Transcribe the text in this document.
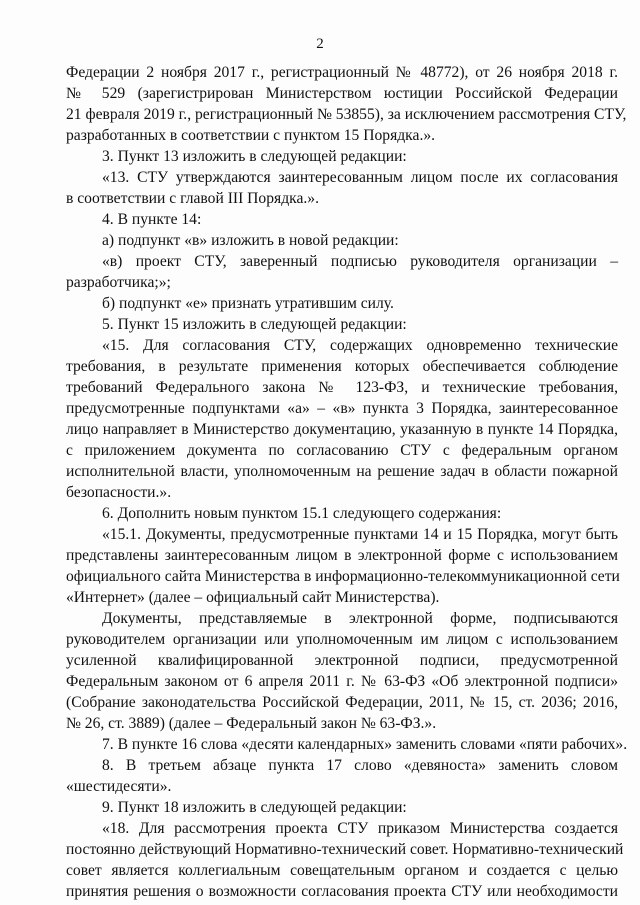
2
Федерации 2 ноября 2017 г., регистрационный № 48772), от 26 ноября 2018 г.
№ 529 (зарегистрирован Министерством юстиции Российской Федерации
21 февраля 2019 г., регистрационный № 53855), за исключением рассмотрения СТУ,
разработанных в соответствии с пунктом 15 Порядка.».
3. Пункт 13 изложить в следующей редакции:
«13. СТУ утверждаются заинтересованным лицом после их согласования
в соответствии с главой III Порядка.».
4. В пункте 14:
а) подпункт «в» изложить в новой редакции:
«в) проект СТУ, заверенный подписью руководителя организации –
разработчика;»;
б) подпункт «е» признать утратившим силу.
5. Пункт 15 изложить в следующей редакции:
«15. Для согласования СТУ, содержащих одновременно технические
требования, в результате применения которых обеспечивается соблюдение
требований Федерального закона № 123-ФЗ, и технические требования,
предусмотренные подпунктами «а» – «в» пункта 3 Порядка, заинтересованное
лицо направляет в Министерство документацию, указанную в пункте 14 Порядка,
с приложением документа по согласованию СТУ с федеральным органом
исполнительной власти, уполномоченным на решение задач в области пожарной
безопасности.».
6. Дополнить новым пунктом 15.1 следующего содержания:
«15.1. Документы, предусмотренные пунктами 14 и 15 Порядка, могут быть
представлены заинтересованным лицом в электронной форме с использованием
официального сайта Министерства в информационно-телекоммуникационной сети
«Интернет» (далее – официальный сайт Министерства).
Документы, представляемые в электронной форме, подписываются
руководителем организации или уполномоченным им лицом с использованием
усиленной квалифицированной электронной подписи, предусмотренной
Федеральным законом от 6 апреля 2011 г. № 63-ФЗ «Об электронной подписи»
(Собрание законодательства Российской Федерации, 2011, № 15, ст. 2036; 2016,
№ 26, ст. 3889) (далее – Федеральный закон № 63-ФЗ.».
7. В пункте 16 слова «десяти календарных» заменить словами «пяти рабочих».
8. В третьем абзаце пункта 17 слово «девяноста» заменить словом
«шестидесяти».
9. Пункт 18 изложить в следующей редакции:
«18. Для рассмотрения проекта СТУ приказом Министерства создается
постоянно действующий Нормативно-технический совет. Нормативно-технический
совет является коллегиальным совещательным органом и создается с целью
принятия решения о возможности согласования проекта СТУ или необходимости
